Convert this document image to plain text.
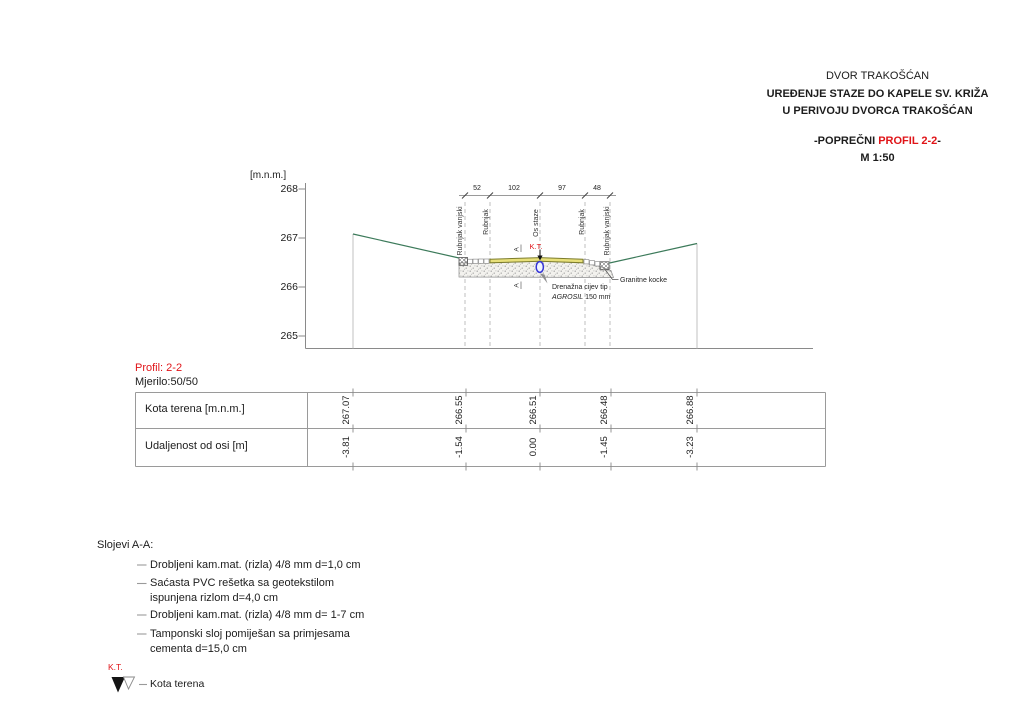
DVOR TRAKOŠĆAN
UREĐENJE STAZE DO KAPELE SV. KRIŽA
U PERIVOJU DVORCA TRAKOŠĆAN
-POPREČNI PROFIL 2-2-
M 1:50
[m.n.m.]
K.T.
A
A	Drenažna cijev tip
AGROSIL 150 mm
Granitne kocke
Profil: 2-2
Mjerilo:50/50
Slojevi A-A:
Drobljeni kam.mat. (rizla) 4/8 mm d=1,0 cm
Saćasta PVC rešetka sa geotekstilom
ispunjena rizlom d=4,0 cm
Drobljeni kam.mat. (rizla) 4/8 mm d= 1-7 cm
Tamponski sloj pomiješan sa primjesama
cementa d=15,0 cm
K.T.
Kota terena
268
267
266
265
52	102	97	48
Rubnjak vanjski	Rubnjak	Os staze	Rubnjak	Rubnjak vanjski
Kota terena [m.n.m.]	267.07	266.55	266.51	266.48	266.88
Udaljenost od osi [m]	-3.81	-1.54	0.00	-1.45	-3.23
